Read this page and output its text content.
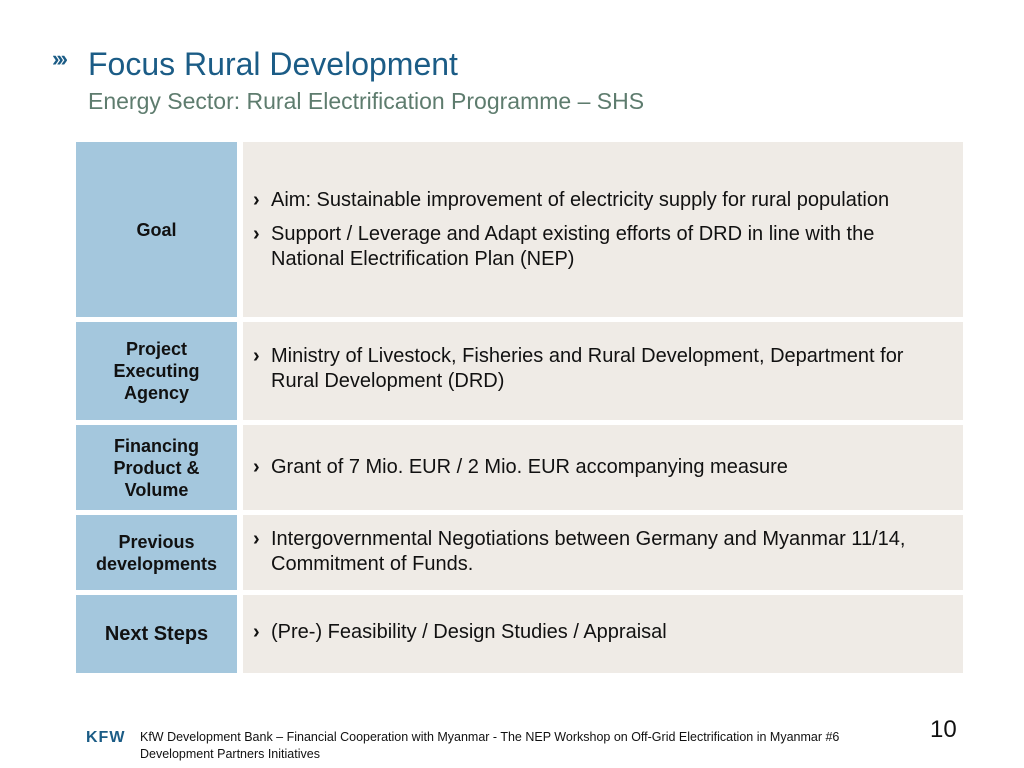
››› Focus Rural Development
Energy Sector: Rural Electrification Programme – SHS
Goal
› Aim: Sustainable improvement of electricity supply for rural population
› Support / Leverage and Adapt existing efforts of DRD in line with the National Electrification Plan (NEP)
Project Executing Agency
› Ministry of Livestock, Fisheries and Rural Development, Department for Rural Development (DRD)
Financing Product & Volume
› Grant of 7 Mio. EUR / 2 Mio. EUR accompanying measure
Previous developments
› Intergovernmental Negotiations between Germany and Myanmar 11/14, Commitment of Funds.
Next Steps	› (Pre-) Feasibility / Design Studies / Appraisal
KFW KfW Development Bank – Financial Cooperation with Myanmar - The NEP Workshop on Off-Grid Electrification in Myanmar #6 Development Partners Initiatives
10
